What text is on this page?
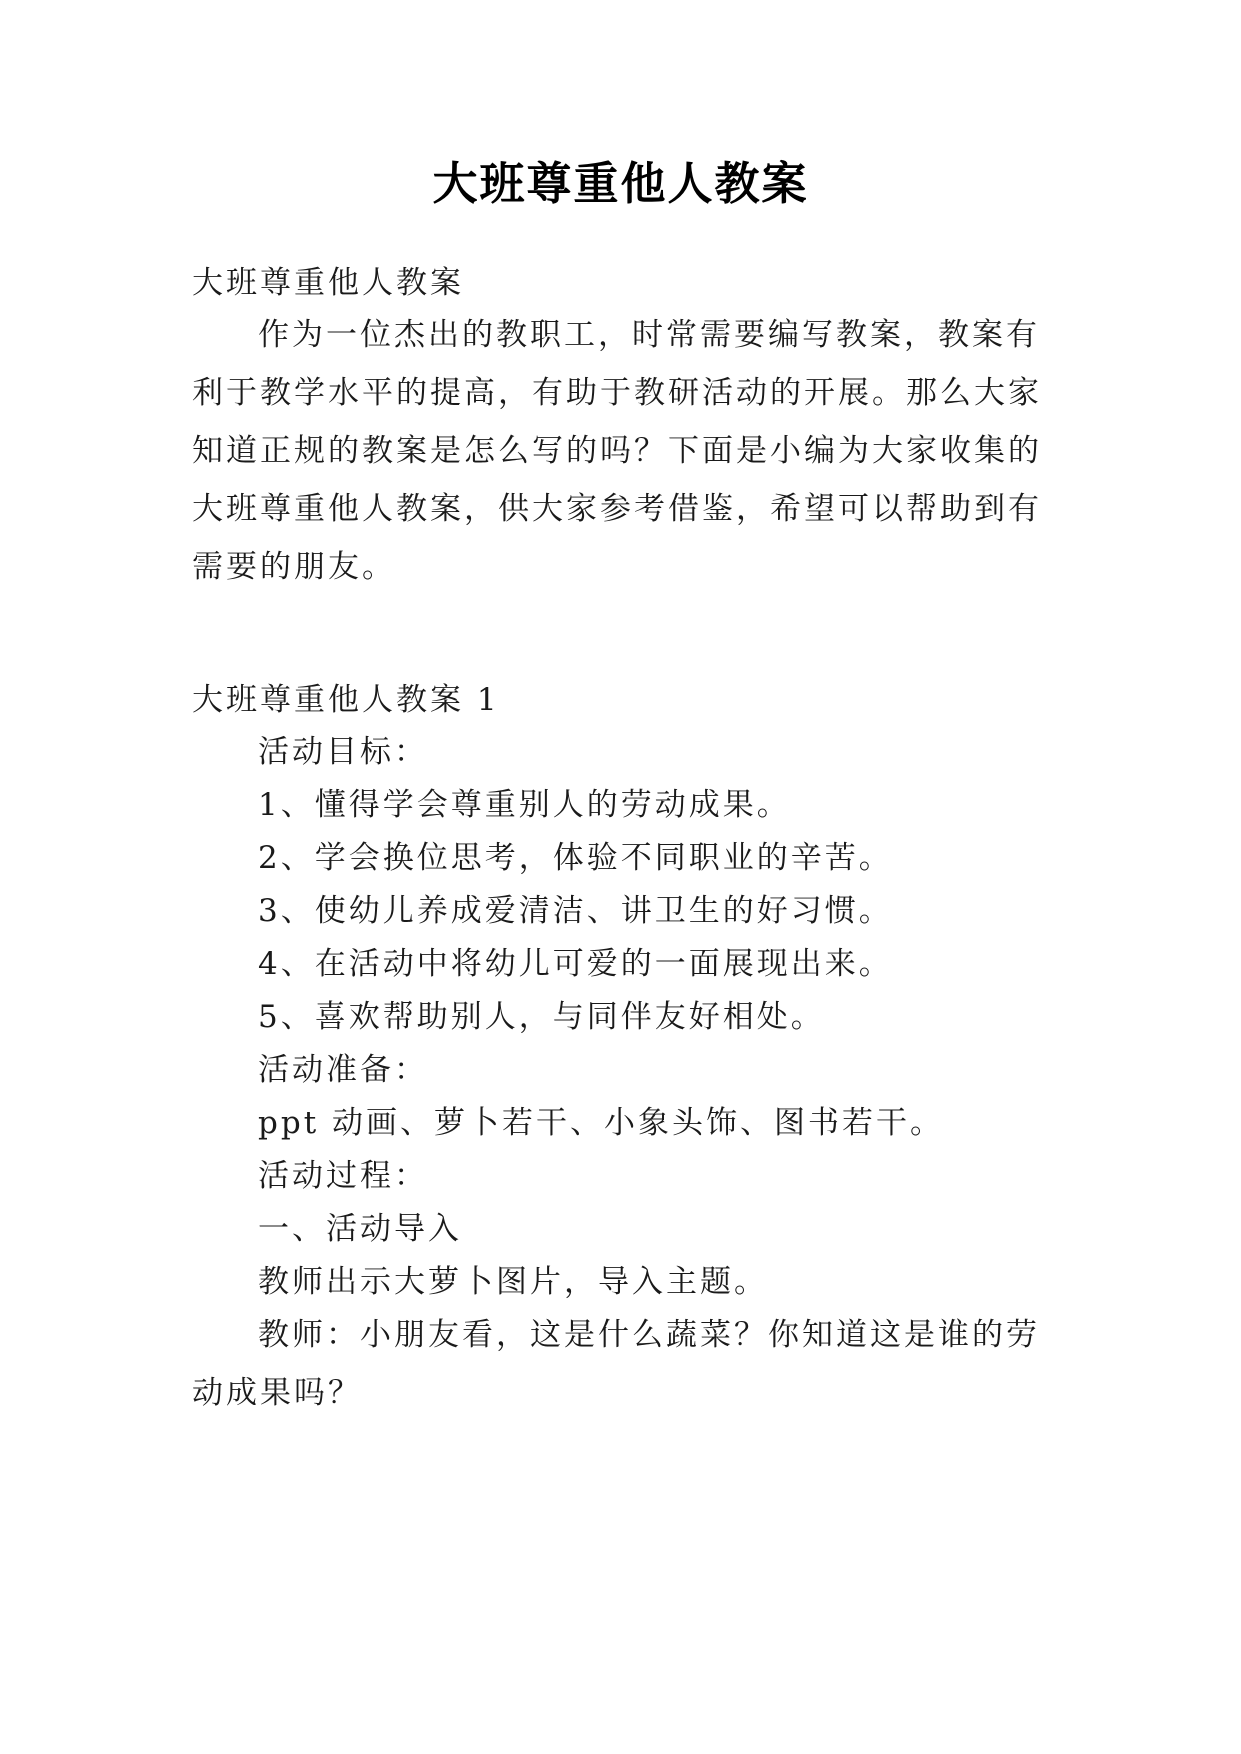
大班尊重他人教案
大班尊重他人教案

作为一位杰出的教职工，时常需要编写教案，教案有利于教学水平的提高，有助于教研活动的开展。那么大家知道正规的教案是怎么写的吗？下面是小编为大家收集的大班尊重他人教案，供大家参考借鉴，希望可以帮助到有需要的朋友。

大班尊重他人教案 1
活动目标：
1、懂得学会尊重别人的劳动成果。
2、学会换位思考，体验不同职业的辛苦。
3、使幼儿养成爱清洁、讲卫生的好习惯。
4、在活动中将幼儿可爱的一面展现出来。
5、喜欢帮助别人，与同伴友好相处。
活动准备：
ppt 动画、萝卜若干、小象头饰、图书若干。
活动过程：
一、活动导入
教师出示大萝卜图片，导入主题。

教师：小朋友看，这是什么蔬菜？你知道这是谁的劳动成果吗？
